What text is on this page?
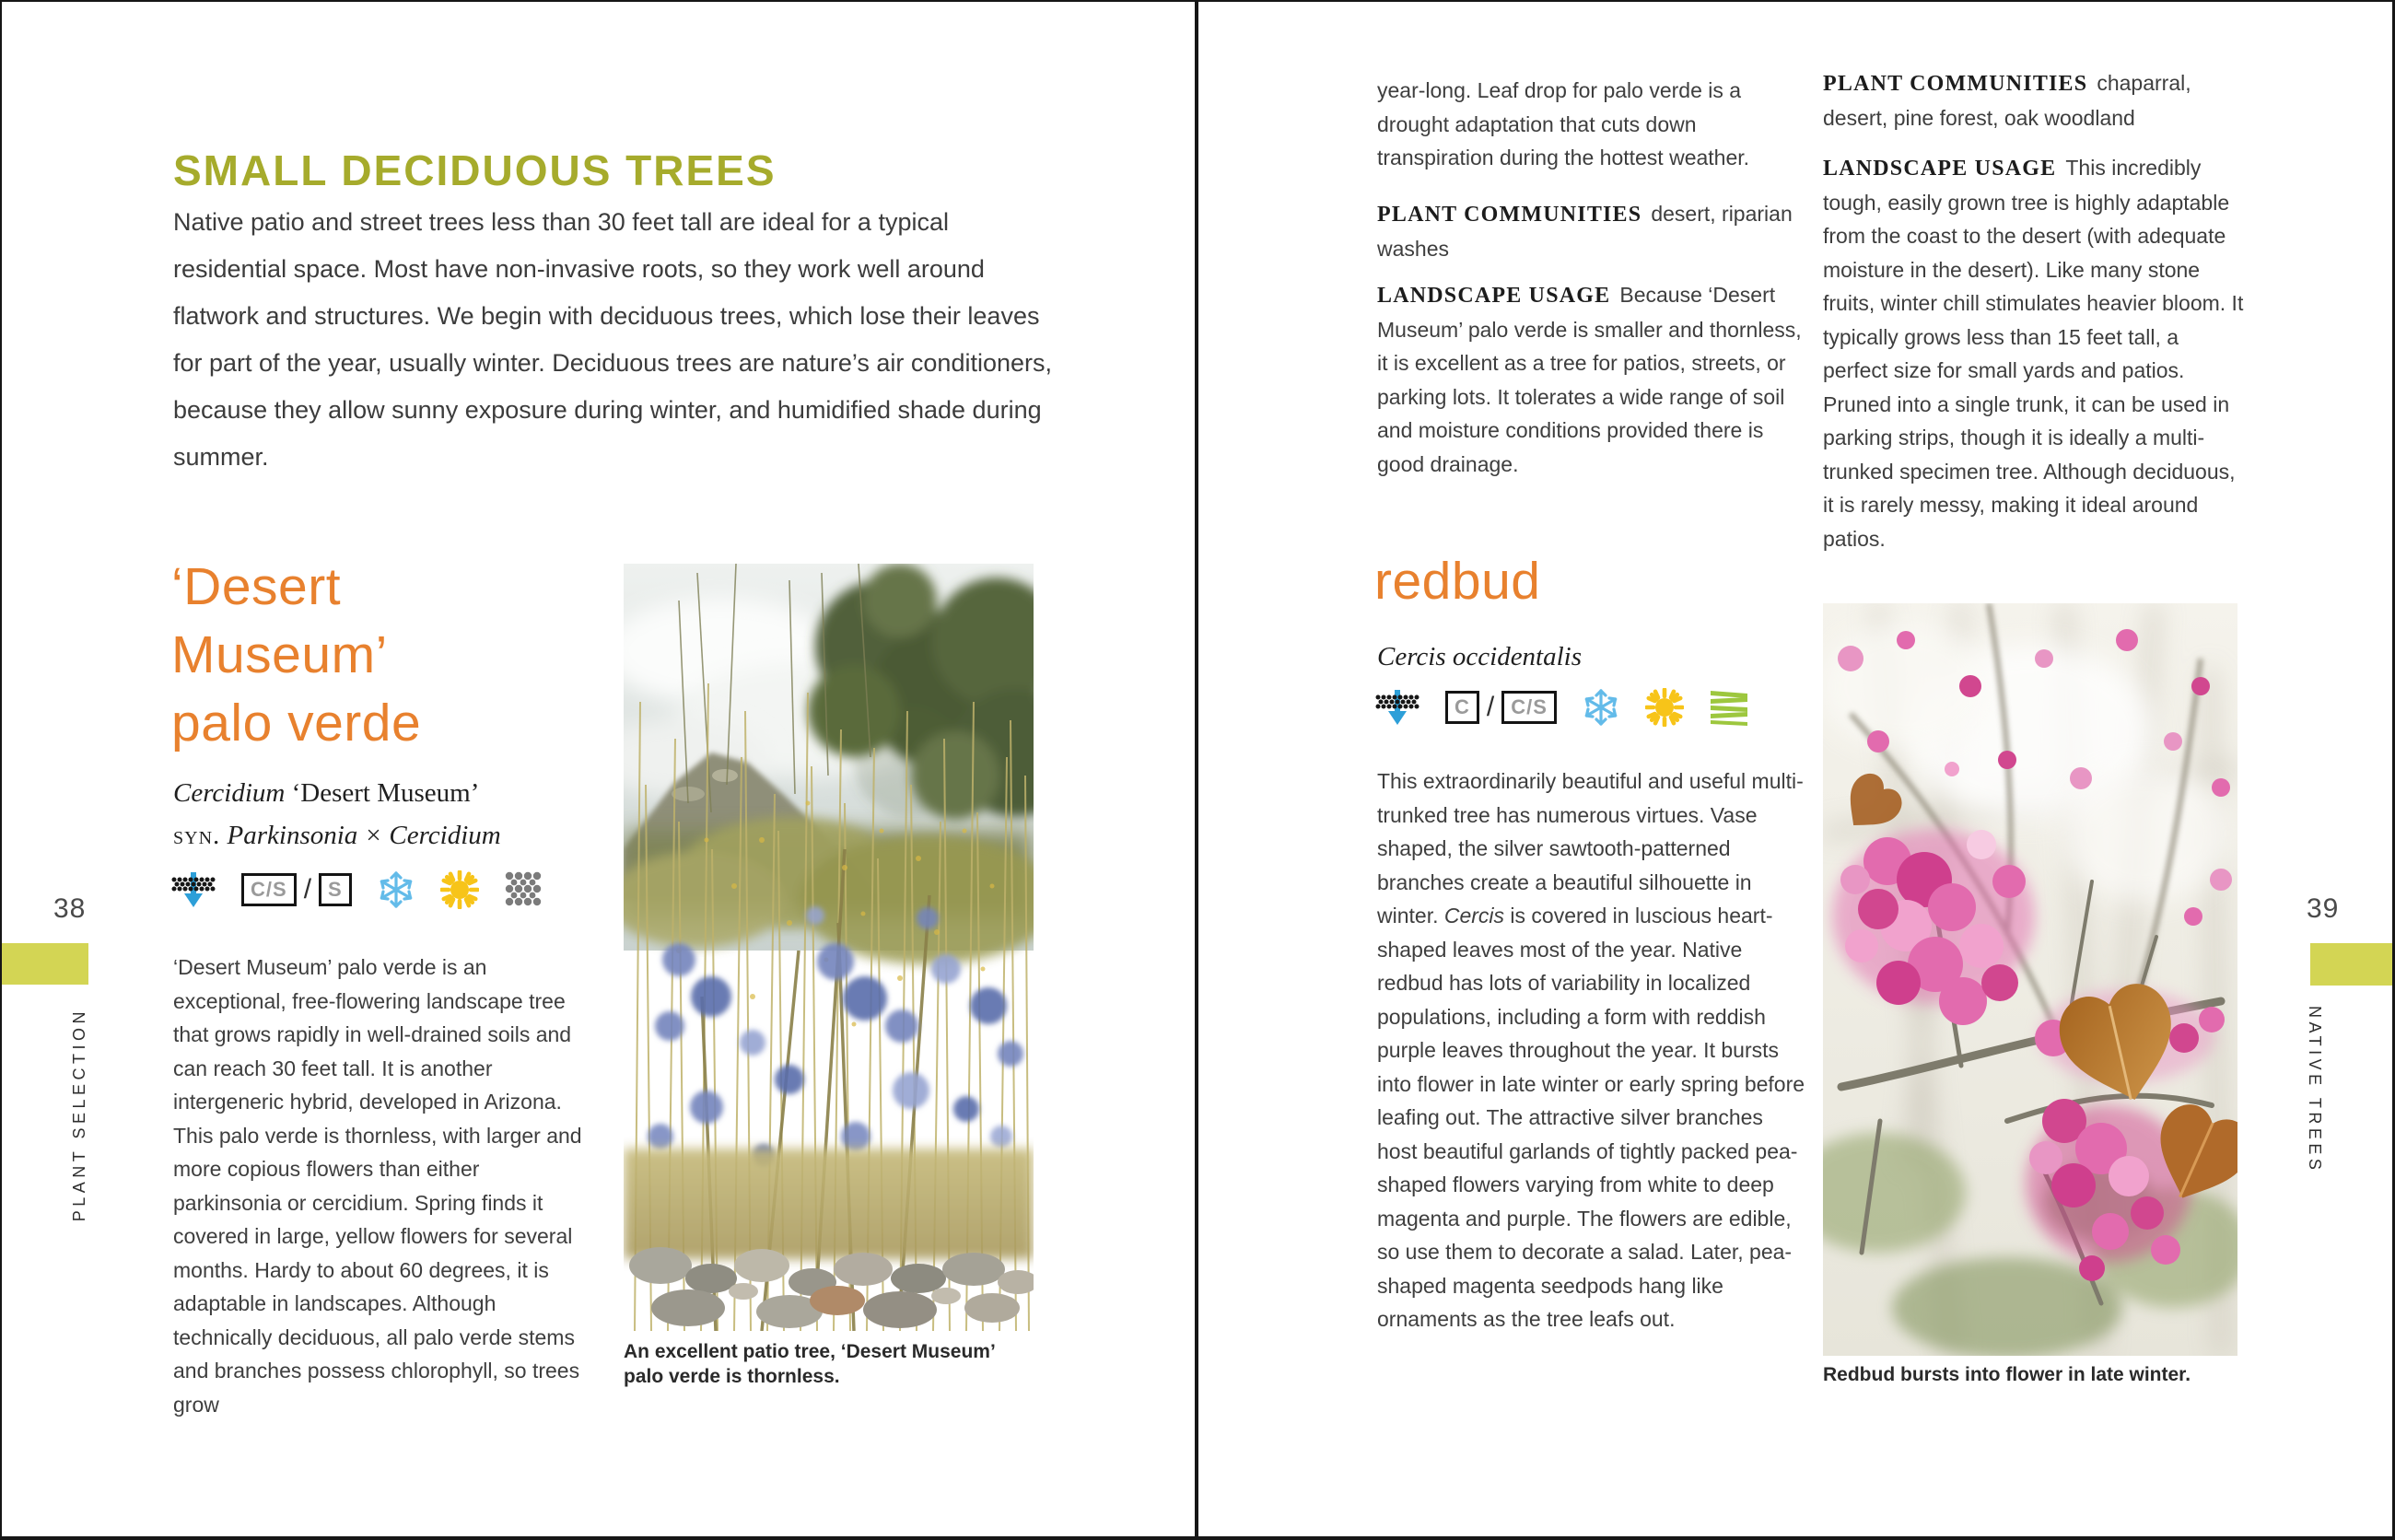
SMALL DECIDUOUS TREES
Native patio and street trees less than 30 feet tall are ideal for a typical residential space. Most have non-invasive roots, so they work well around flatwork and structures. We begin with deciduous trees, which lose their leaves for part of the year, usually winter. Deciduous trees are nature’s air conditioners, because they allow sunny exposure during winter, and humidified shade during summer.
‘Desert
Museum’
palo verde
Cercidium ‘Desert Museum’
syn. Parkinsonia × Cercidium
C/S / S
‘Desert Museum’ palo verde is an exceptional, free-flowering landscape tree that grows rapidly in well-drained soils and can reach 30 feet tall. It is another intergeneric hybrid, developed in Arizona. This palo verde is thornless, with larger and more copious flowers than either parkinsonia or cercidium. Spring finds it covered in large, yellow flowers for several months. Hardy to about 60 degrees, it is adaptable in landscapes. Although technically deciduous, all palo verde stems and branches possess chlorophyll, so trees grow
An excellent patio tree, ‘Desert Museum’ palo verde is thornless.
38
PLANT SELECTION
year-long. Leaf drop for palo verde is a drought adaptation that cuts down transpiration during the hottest weather.
PLANT COMMUNITIES desert, riparian washes
LANDSCAPE USAGE Because ‘Desert Museum’ palo verde is smaller and thornless, it is excellent as a tree for patios, streets, or parking lots. It tolerates a wide range of soil and moisture conditions provided there is good drainage.
redbud
Cercis occidentalis
C / C/S
This extraordinarily beautiful and useful multi-trunked tree has numerous virtues. Vase shaped, the silver sawtooth-patterned branches create a beautiful silhouette in winter. Cercis is covered in luscious heart-shaped leaves most of the year. Native redbud has lots of variability in localized populations, including a form with reddish purple leaves throughout the year. It bursts into flower in late winter or early spring before leafing out. The attractive silver branches host beautiful garlands of tightly packed pea-shaped flowers varying from white to deep magenta and purple. The flowers are edible, so use them to decorate a salad. Later, pea-shaped magenta seedpods hang like ornaments as the tree leafs out.
PLANT COMMUNITIES chaparral, desert, pine forest, oak woodland
LANDSCAPE USAGE This incredibly tough, easily grown tree is highly adaptable from the coast to the desert (with adequate moisture in the desert). Like many stone fruits, winter chill stimulates heavier bloom. It typically grows less than 15 feet tall, a perfect size for small yards and patios. Pruned into a single trunk, it can be used in parking strips, though it is ideally a multi-trunked specimen tree. Although deciduous, it is rarely messy, making it ideal around patios.
Redbud bursts into flower in late winter.
39
NATIVE TREES
